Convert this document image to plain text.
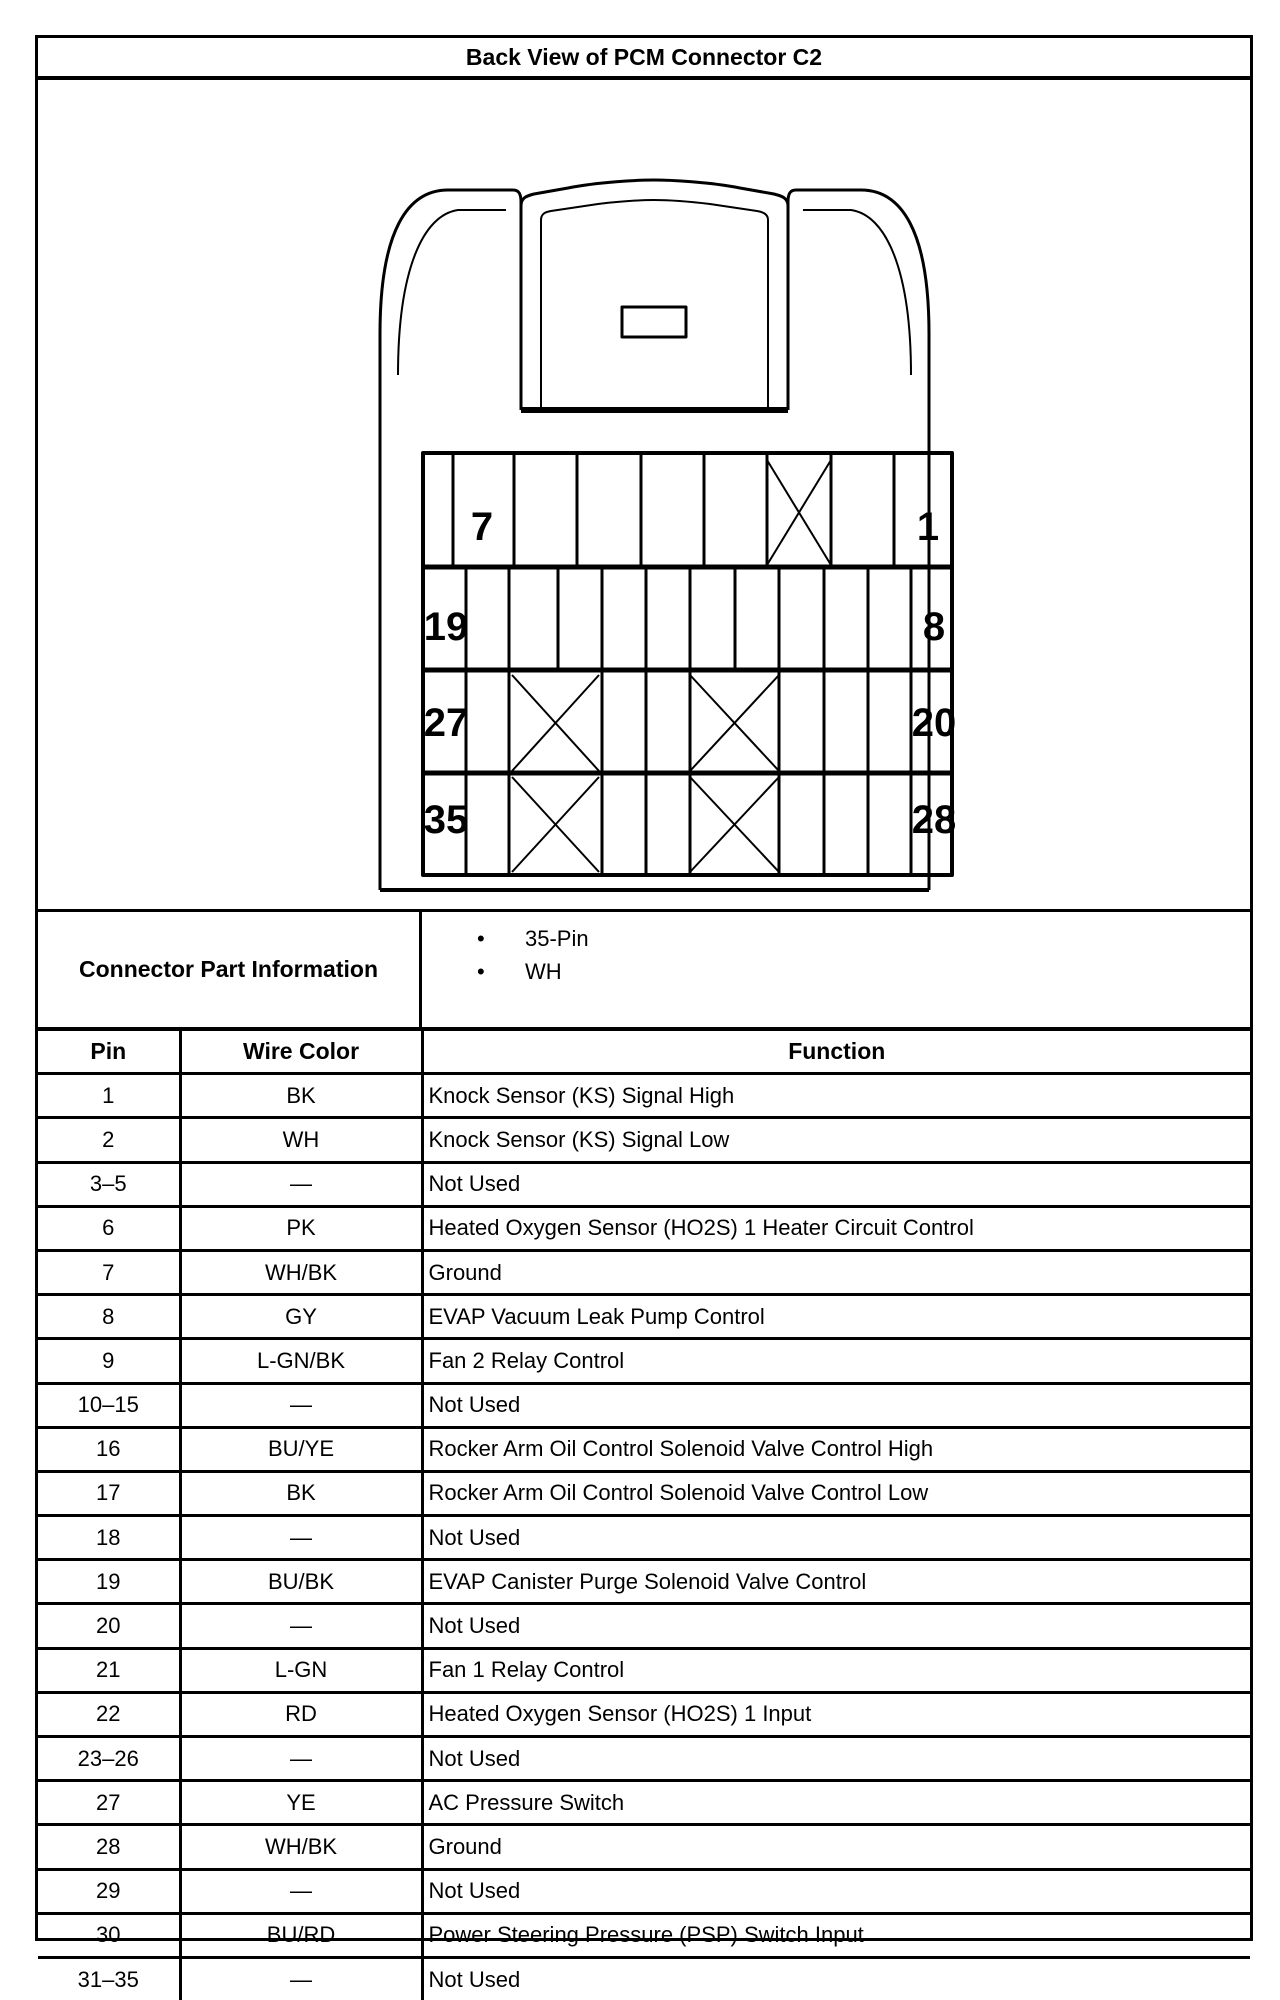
Back View of PCM Connector C2
7	1
19	8
27	20
35	28
Connector Part Information
• 35-Pin
• WH
Pin	Wire Color	Function
1	BK	Knock Sensor (KS) Signal High
2	WH	Knock Sensor (KS) Signal Low
3–5	—	Not Used
6	PK	Heated Oxygen Sensor (HO2S) 1 Heater Circuit Control
7	WH/BK	Ground
8	GY	EVAP Vacuum Leak Pump Control
9	L-GN/BK	Fan 2 Relay Control
10–15	—	Not Used
16	BU/YE	Rocker Arm Oil Control Solenoid Valve Control High
17	BK	Rocker Arm Oil Control Solenoid Valve Control Low
18	—	Not Used
19	BU/BK	EVAP Canister Purge Solenoid Valve Control
20	—	Not Used
21	L-GN	Fan 1 Relay Control
22	RD	Heated Oxygen Sensor (HO2S) 1 Input
23–26	—	Not Used
27	YE	AC Pressure Switch
28	WH/BK	Ground
29	—	Not Used
30	BU/RD	Power Steering Pressure (PSP) Switch Input
31–35	—	Not Used
